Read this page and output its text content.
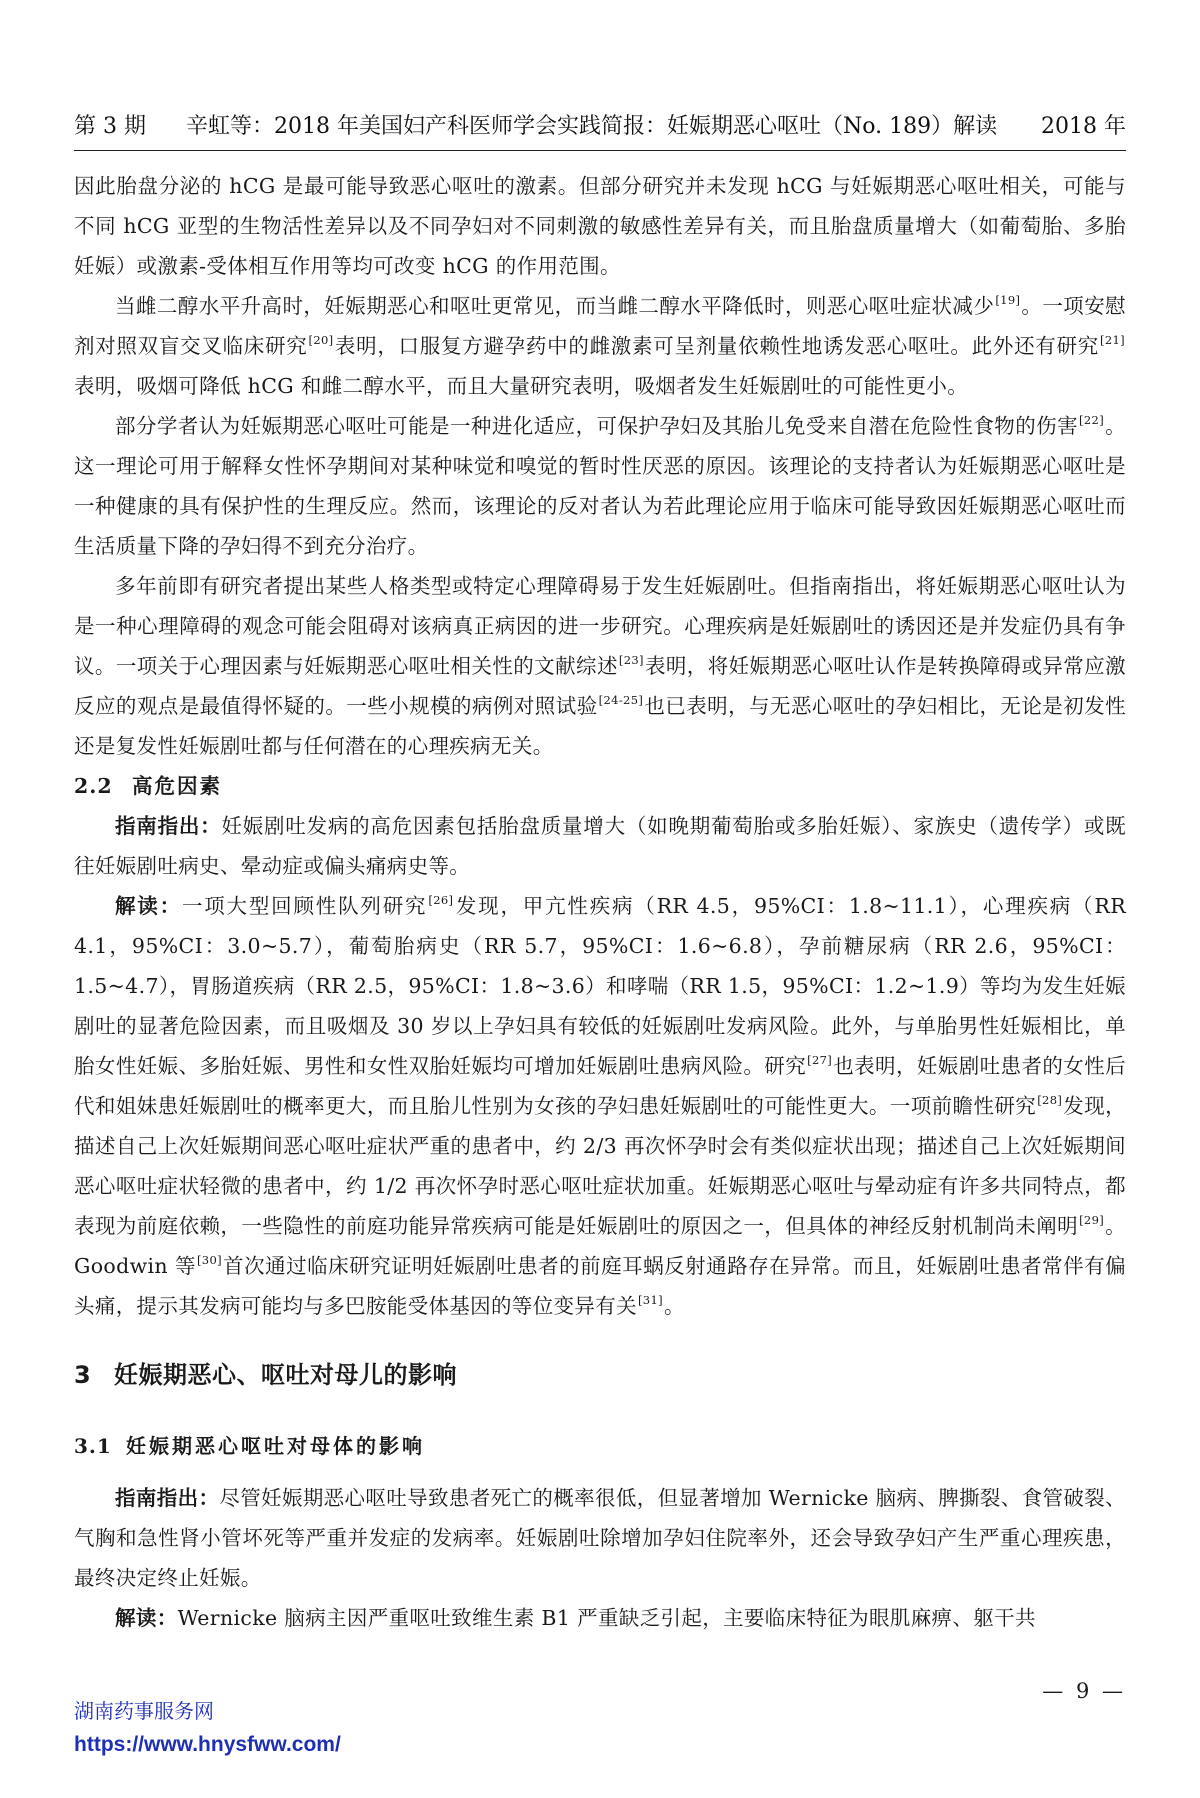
第 3 期 辛虹等：2018 年美国妇产科医师学会实践简报：妊娠期恶心呕吐（No. 189）解读 2018 年

因此胎盘分泌的 hCG 是最可能导致恶心呕吐的激素。但部分研究并未发现 hCG 与妊娠期恶心呕吐相关，可能与不同 hCG 亚型的生物活性差异以及不同孕妇对不同刺激的敏感性差异有关，而且胎盘质量增大（如葡萄胎、多胎妊娠）或激素-受体相互作用等均可改变 hCG 的作用范围。

当雌二醇水平升高时，妊娠期恶心和呕吐更常见，而当雌二醇水平降低时，则恶心呕吐症状减少[19]。一项安慰剂对照双盲交叉临床研究[20]表明，口服复方避孕药中的雌激素可呈剂量依赖性地诱发恶心呕吐。此外还有研究[21]表明，吸烟可降低 hCG 和雌二醇水平，而且大量研究表明，吸烟者发生妊娠剧吐的可能性更小。

部分学者认为妊娠期恶心呕吐可能是一种进化适应，可保护孕妇及其胎儿免受来自潜在危险性食物的伤害[22]。这一理论可用于解释女性怀孕期间对某种味觉和嗅觉的暂时性厌恶的原因。该理论的支持者认为妊娠期恶心呕吐是一种健康的具有保护性的生理反应。然而，该理论的反对者认为若此理论应用于临床可能导致因妊娠期恶心呕吐而生活质量下降的孕妇得不到充分治疗。

多年前即有研究者提出某些人格类型或特定心理障碍易于发生妊娠剧吐。但指南指出，将妊娠期恶心呕吐认为是一种心理障碍的观念可能会阻碍对该病真正病因的进一步研究。心理疾病是妊娠剧吐的诱因还是并发症仍具有争议。一项关于心理因素与妊娠期恶心呕吐相关性的文献综述[23]表明，将妊娠期恶心呕吐认作是转换障碍或异常应激反应的观点是最值得怀疑的。一些小规模的病例对照试验[24-25]也已表明，与无恶心呕吐的孕妇相比，无论是初发性还是复发性妊娠剧吐都与任何潜在的心理疾病无关。

2.2 高危因素

指南指出：妊娠剧吐发病的高危因素包括胎盘质量增大（如晚期葡萄胎或多胎妊娠）、家族史（遗传学）或既往妊娠剧吐病史、晕动症或偏头痛病史等。

解读：一项大型回顾性队列研究[26]发现，甲亢性疾病（RR 4.5，95%CI：1.8~11.1），心理疾病（RR 4.1，95%CI：3.0~5.7），葡萄胎病史（RR 5.7，95%CI：1.6~6.8），孕前糖尿病（RR 2.6，95%CI：1.5~4.7），胃肠道疾病（RR 2.5，95%CI：1.8~3.6）和哮喘（RR 1.5，95%CI：1.2~1.9）等均为发生妊娠剧吐的显著危险因素，而且吸烟及 30 岁以上孕妇具有较低的妊娠剧吐发病风险。此外，与单胎男性妊娠相比，单胎女性妊娠、多胎妊娠、男性和女性双胎妊娠均可增加妊娠剧吐患病风险。研究[27]也表明，妊娠剧吐患者的女性后代和姐妹患妊娠剧吐的概率更大，而且胎儿性别为女孩的孕妇患妊娠剧吐的可能性更大。一项前瞻性研究[28]发现，描述自己上次妊娠期间恶心呕吐症状严重的患者中，约 2/3 再次怀孕时会有类似症状出现；描述自己上次妊娠期间恶心呕吐症状轻微的患者中，约 1/2 再次怀孕时恶心呕吐症状加重。妊娠期恶心呕吐与晕动症有许多共同特点，都表现为前庭依赖，一些隐性的前庭功能异常疾病可能是妊娠剧吐的原因之一，但具体的神经反射机制尚未阐明[29]。Goodwin 等[30]首次通过临床研究证明妊娠剧吐患者的前庭耳蜗反射通路存在异常。而且，妊娠剧吐患者常伴有偏头痛，提示其发病可能均与多巴胺能受体基因的等位变异有关[31]。

3 妊娠期恶心、呕吐对母儿的影响
3.1 妊娠期恶心呕吐对母体的影响

指南指出：尽管妊娠期恶心呕吐导致患者死亡的概率很低，但显著增加 Wernicke 脑病、脾撕裂、食管破裂、气胸和急性肾小管坏死等严重并发症的发病率。妊娠剧吐除增加孕妇住院率外，还会导致孕妇产生严重心理疾患，最终决定终止妊娠。

解读：Wernicke 脑病主因严重呕吐致维生素 B1 严重缺乏引起，主要临床特征为眼肌麻痹、躯干共

— 9 —
湖南药事服务网
https://www.hnysfww.com/
